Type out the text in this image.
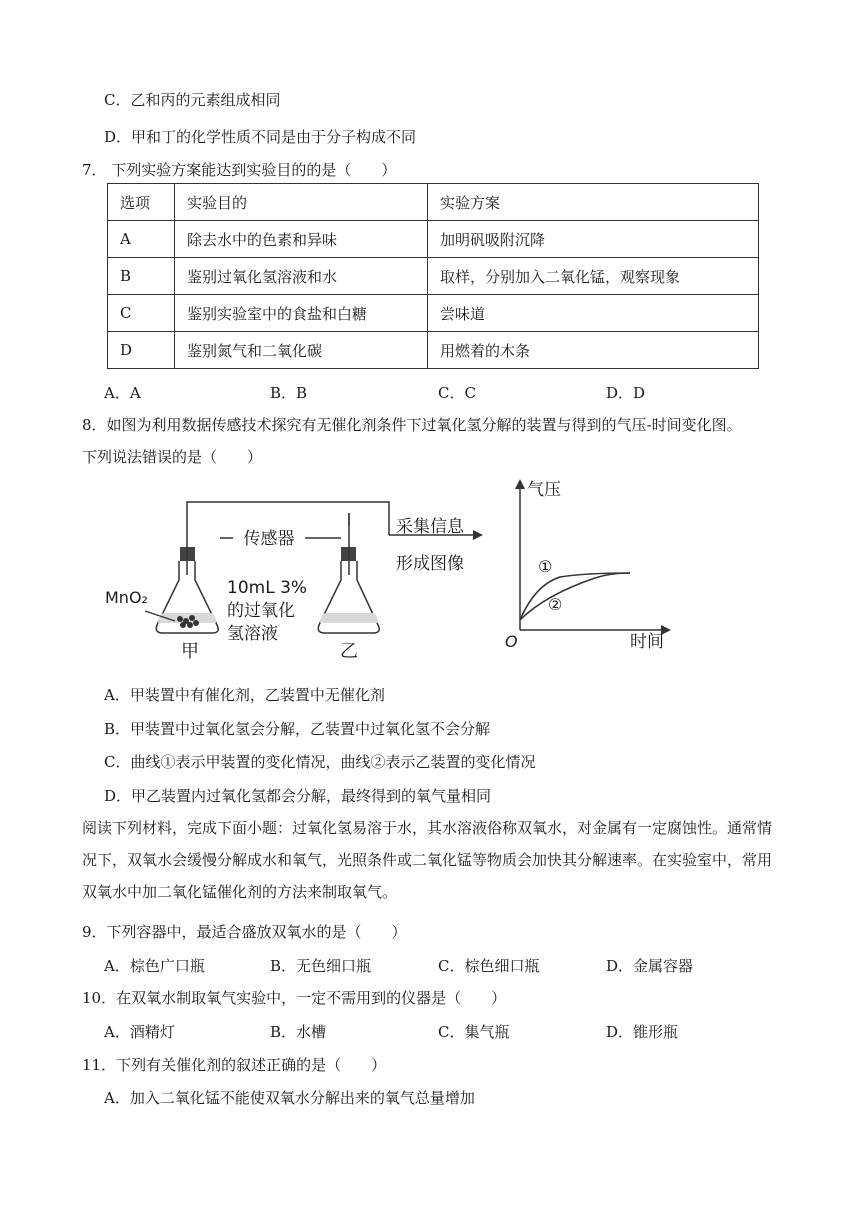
C．乙和丙的元素组成相同
D．甲和丁的化学性质不同是由于分子构成不同
7． 下列实验方案能达到实验目的的是（　　）
选项	实验目的	实验方案
A	除去水中的色素和异味	加明矾吸附沉降
B	鉴别过氧化氢溶液和水	取样，分别加入二氧化锰，观察现象
C	鉴别实验室中的食盐和白糖	尝味道
D	鉴别氮气和二氧化碳	用燃着的木条
A．A	B．B	C．C	D．D
8．如图为利用数据传感技术探究有无催化剂条件下过氧化氢分解的装置与得到的气压-时间变化图。
下列说法错误的是（　　）
传感器
采集信息
形成图像
MnO₂
甲
10mL 3%
的过氧化
氢溶液
乙
气压
时间
O
①
②
A．甲装置中有催化剂，乙装置中无催化剂
B．甲装置中过氧化氢会分解，乙装置中过氧化氢不会分解
C．曲线①表示甲装置的变化情况，曲线②表示乙装置的变化情况
D．甲乙装置内过氧化氢都会分解，最终得到的氧气量相同
阅读下列材料，完成下面小题：过氧化氢易溶于水，其水溶液俗称双氧水，对金属有一定腐蚀性。通常情况下，双氧水会缓慢分解成水和氧气，光照条件或二氧化锰等物质会加快其分解速率。在实验室中，常用双氧水中加二氧化锰催化剂的方法来制取氧气。
9．下列容器中，最适合盛放双氧水的是（　　）
A．棕色广口瓶	B．无色细口瓶	C．棕色细口瓶	D．金属容器
10．在双氧水制取氧气实验中，一定不需用到的仪器是（　　）
A．酒精灯	B．水槽	C．集气瓶	D．锥形瓶
11．下列有关催化剂的叙述正确的是（　　）
A．加入二氧化锰不能使双氧水分解出来的氧气总量增加
